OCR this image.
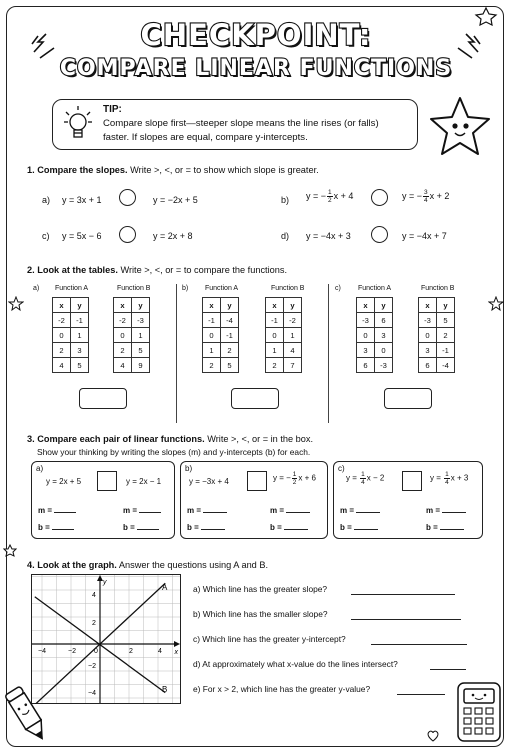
CHECKPOINT:
COMPARE LINEAR FUNCTIONS
TIP:
Compare slope first—steeper slope means the line rises (or falls) faster. If slopes are equal, compare y-intercepts.
1. Compare the slopes. Write >, <, or = to show which slope is greater.
a) y = 3x + 1	y = −2x + 5	b) y = − $\frac{1}{2}$ x + 4	y = − $\frac{3}{4}$ x + 2
c) y = 5x − 6	y = 2x + 8	d) y = −4x + 3	y = −4x + 7
2. Look at the tables. Write >, <, or = to compare the functions.
a) Function A	Function B
x	y
-2	-1
0	1
2	3
4	5
x	y
-2	-3
0	1
2	5
4	9
b) Function A	Function B
x	y
-1	-4
0	-1
1	2
2	5
x	y
-1	-2
0	1
1	4
2	7
c) Function A	Function B
x	y
-3	6
0	3
3	0
6	-3
x	y
-3	5
0	2
3	-1
6	-4
3. Compare each pair of linear functions. Write >, <, or = in the box.
Show your thinking by writing the slopes (m) and y-intercepts (b) for each.
a)
y = 2x + 5	y = 2x − 1
m =	m =
b =	b =
b)
y = −3x + 4	y = − $\frac{1}{2}$ x + 6
m =	m =
b =	b =
c)
$y = \frac{1}{4}$ x − 2	$y = \frac{1}{4}$ x + 3
m =	m =
b =	b =
4. Look at the graph. Answer the questions using A and B.
y
x
−4	−2	0	2	4
4
2
−2
−4
A
B
a) Which line has the greater slope?
b) Which line has the smaller slope?
c) Which line has the greater y-intercept?
d) At approximately what x-value do the lines intersect?
e) For x > 2, which line has the greater y-value?
